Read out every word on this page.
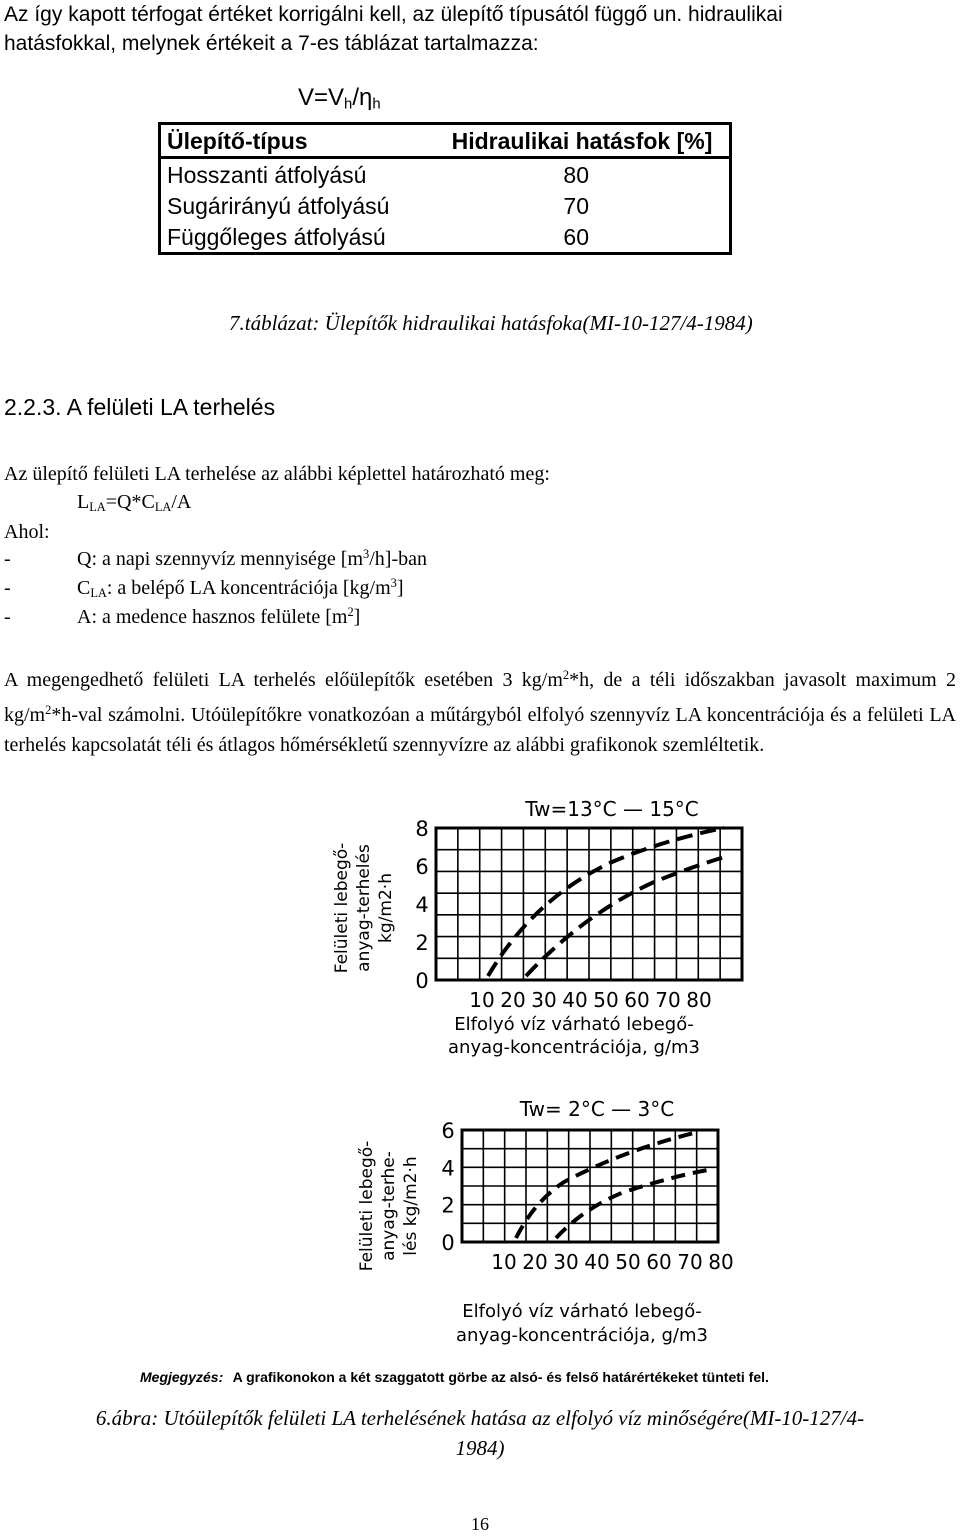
Az így kapott térfogat értéket korrigálni kell, az ülepítő típusától függő un. hidraulikai
hatásfokkal, melynek értékeit a 7-es táblázat tartalmazza:
$V=V_h/\eta_h$
Ülepítő-típus	Hidraulikai hatásfok [%]
Hosszanti átfolyású	80
Sugárirányú átfolyású	70
Függőleges átfolyású	60
7.táblázat: Ülepítők hidraulikai hatásfoka(MI-10-127/4-1984)
2.2.3. A felületi LA terhelés
Az ülepítő felületi LA terhelése az alábbi képlettel határozható meg:
$L_{LA}=Q*C_{LA}/A$
Ahol:
-	Q: a napi szennyvíz mennyisége $[m^3/h]$-ban
-	$C_{LA}$: a belépő LA koncentrációja $[kg/m^3]$
-	A: a medence hasznos felülete $[m^2]$
A megengedhető felületi LA terhelés előülepítők esetében 3 $kg/m^2*h$, de a téli időszakban javasolt maximum 2 $kg/m^2*h$-val számolni. Utóülepítőkre vonatkozóan a műtárgyból elfolyó szennyvíz LA koncentrációja és a felületi LA terhelés kapcsolatát téli és átlagos hőmérsékletű szennyvízre az alábbi grafikonok szemléltetik.
Tw=13°C — 15°C
Felületi lebegő- anyag-terhelés kg/m2·h
0
2
4
6
8
10 20 30 40 50 60 70 80
Elfolyó víz várható lebegő-
anyag-koncentrációja, g/m3
Tw= 2°C — 3°C
Felületi lebegő- anyag-terhe- lés kg/m2·h 0
2
4
6
10 20 30 40 50 60 70 80
Elfolyó víz várható lebegő-
anyag-koncentrációja, g/m3
Megjegyzés: A grafikonokon a két szaggatott görbe az alsó- és felső határértékeket tünteti fel.
6.ábra: Utóülepítők felületi LA terhelésének hatása az elfolyó víz minőségére(MI-10-127/4-
1984)
16
